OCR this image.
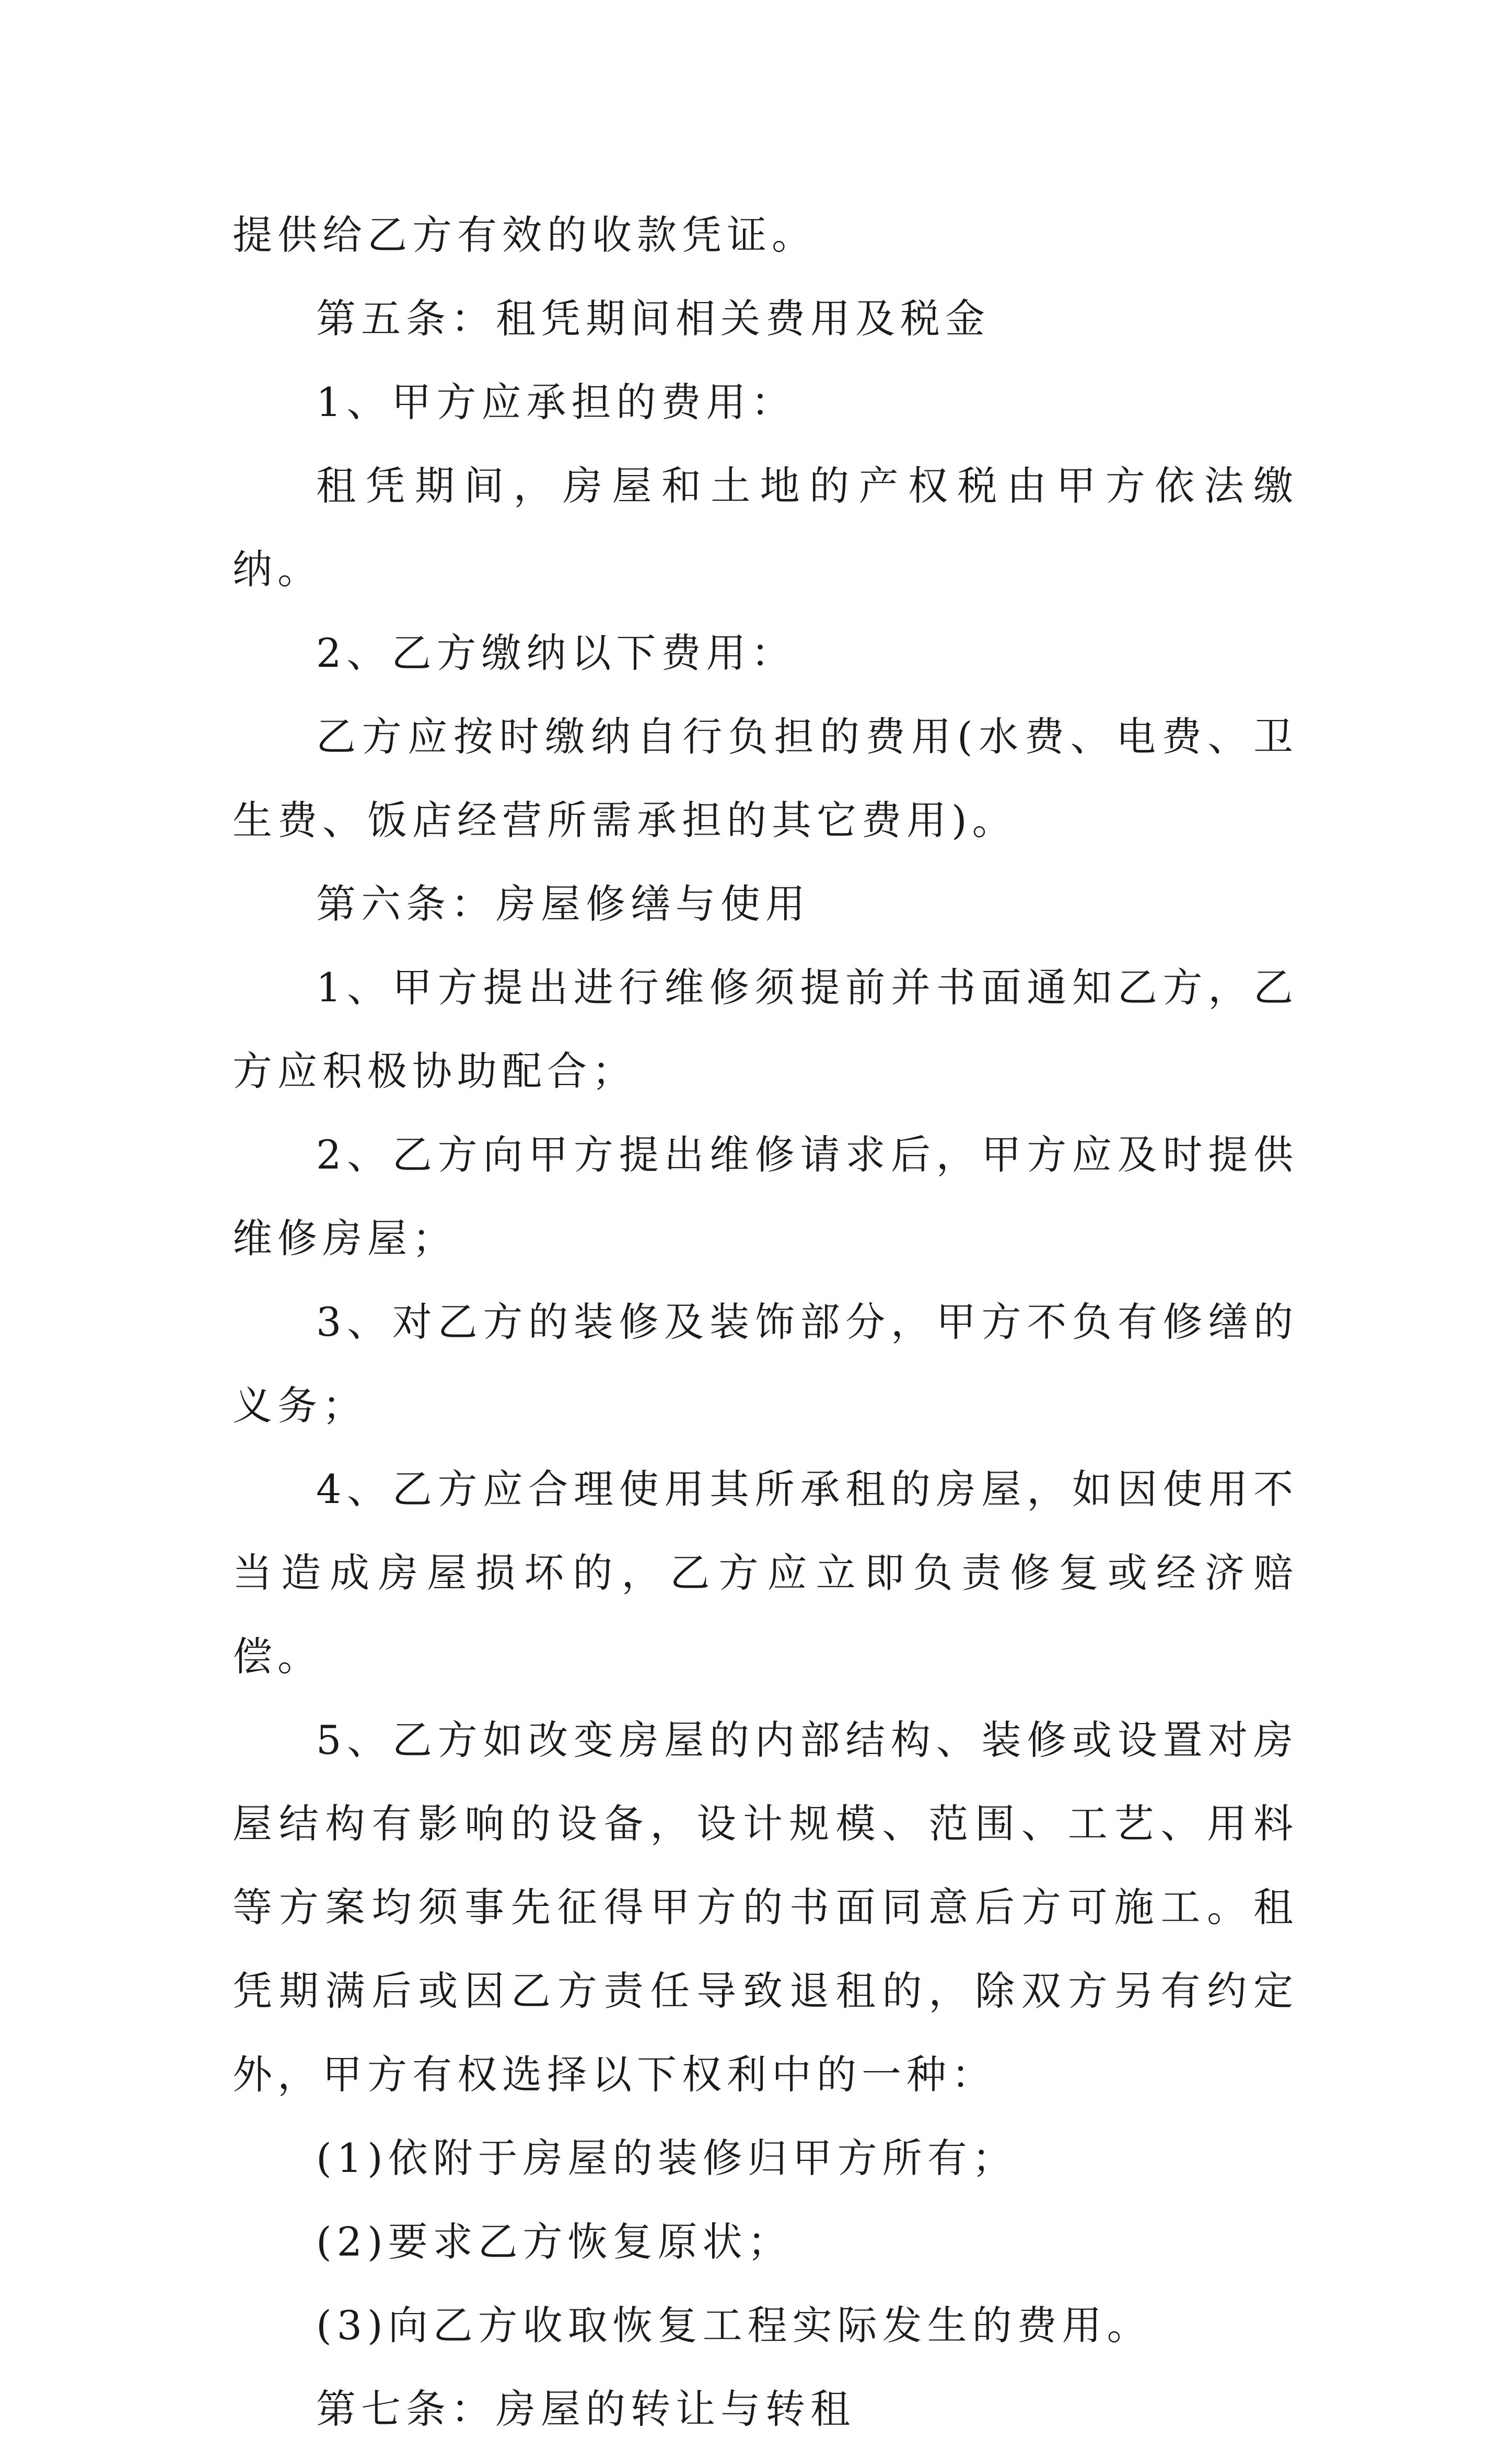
提供给乙方有效的收款凭证。

第五条：租凭期间相关费用及税金

1、甲方应承担的费用：

租凭期间，房屋和土地的产权税由甲方依法缴纳。

2、乙方缴纳以下费用：

乙方应按时缴纳自行负担的费用(水费、电费、卫生费、饭店经营所需承担的其它费用)。

第六条：房屋修缮与使用

1、甲方提出进行维修须提前并书面通知乙方，乙方应积极协助配合；

2、乙方向甲方提出维修请求后，甲方应及时提供维修房屋；

3、对乙方的装修及装饰部分，甲方不负有修缮的义务；

4、乙方应合理使用其所承租的房屋，如因使用不当造成房屋损坏的，乙方应立即负责修复或经济赔偿。

5、乙方如改变房屋的内部结构、装修或设置对房屋结构有影响的设备，设计规模、范围、工艺、用料等方案均须事先征得甲方的书面同意后方可施工。租凭期满后或因乙方责任导致退租的，除双方另有约定外，甲方有权选择以下权利中的一种：

(1)依附于房屋的装修归甲方所有；

(2)要求乙方恢复原状；

(3)向乙方收取恢复工程实际发生的费用。

第七条：房屋的转让与转租
